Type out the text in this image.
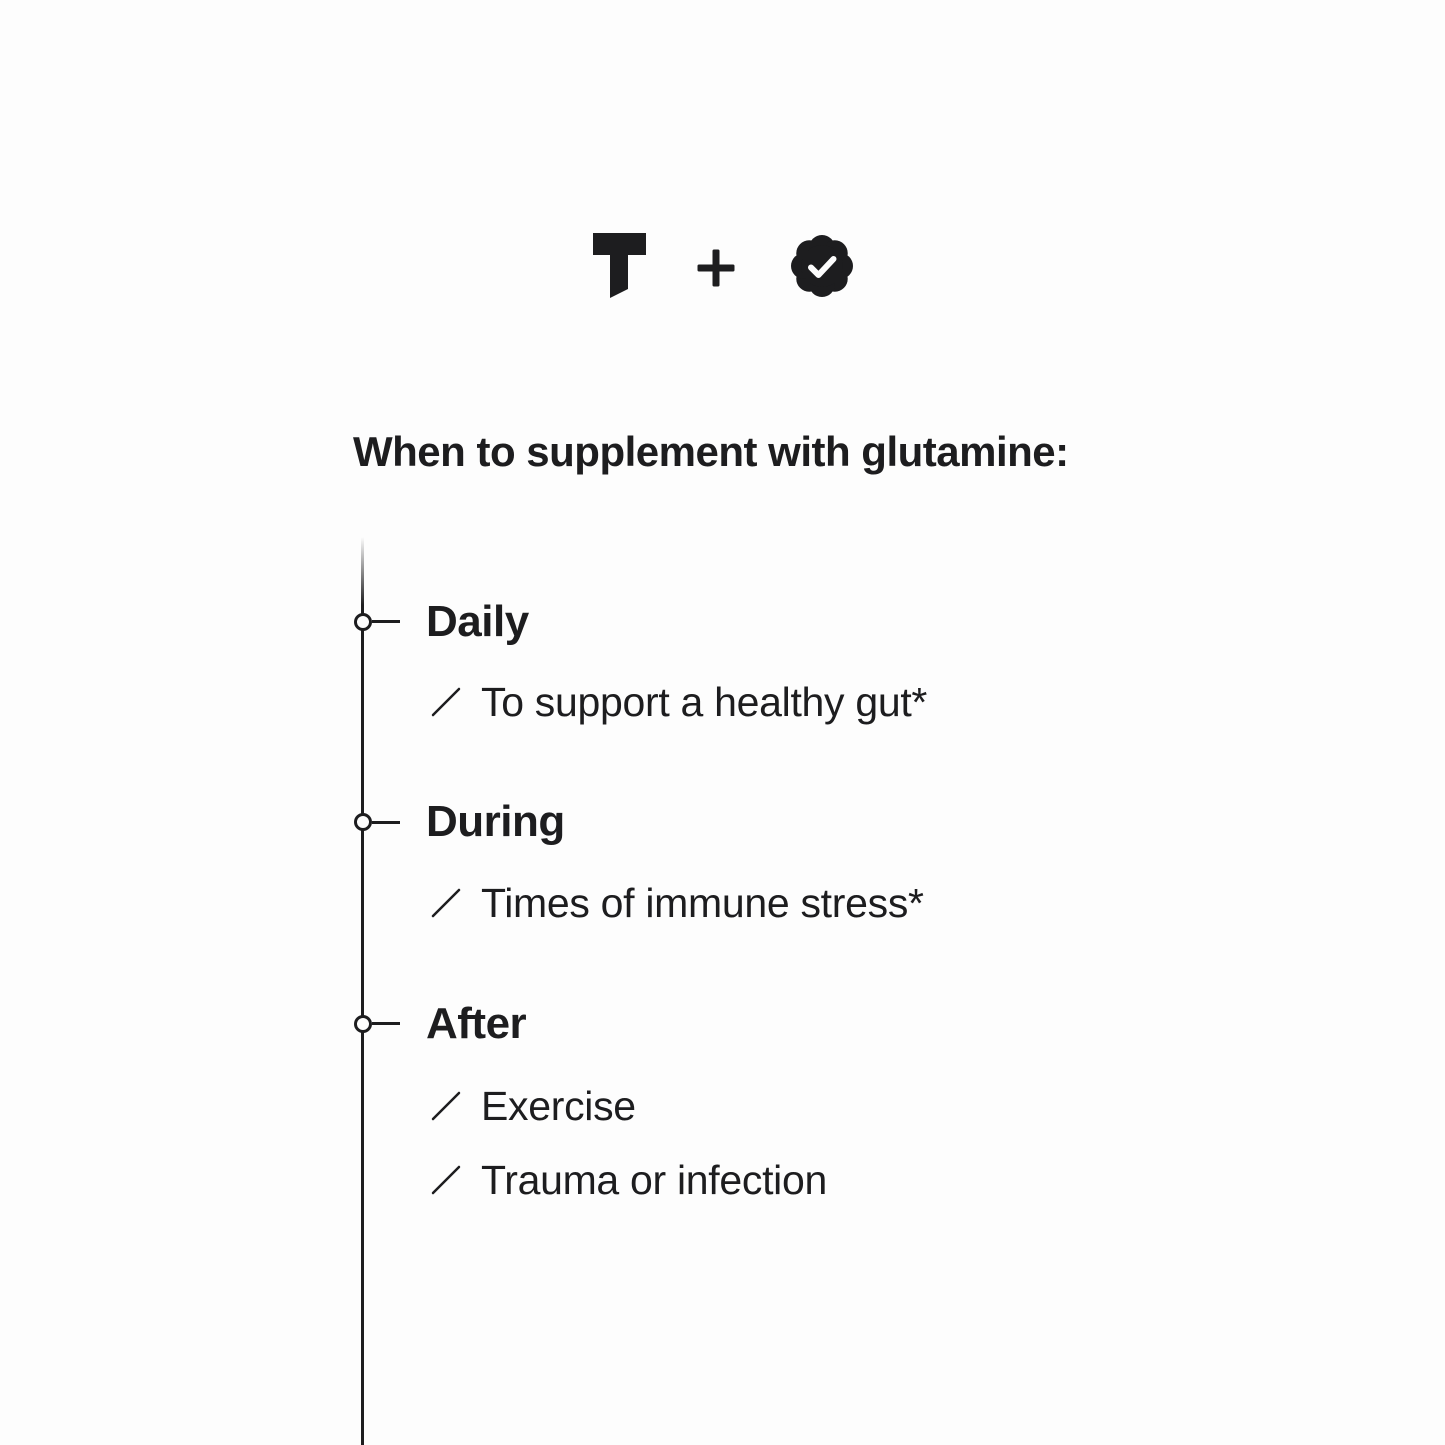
When to supplement with glutamine:
Daily
During
After
To support a healthy gut*
Times of immune stress*
Exercise
Trauma or infection
